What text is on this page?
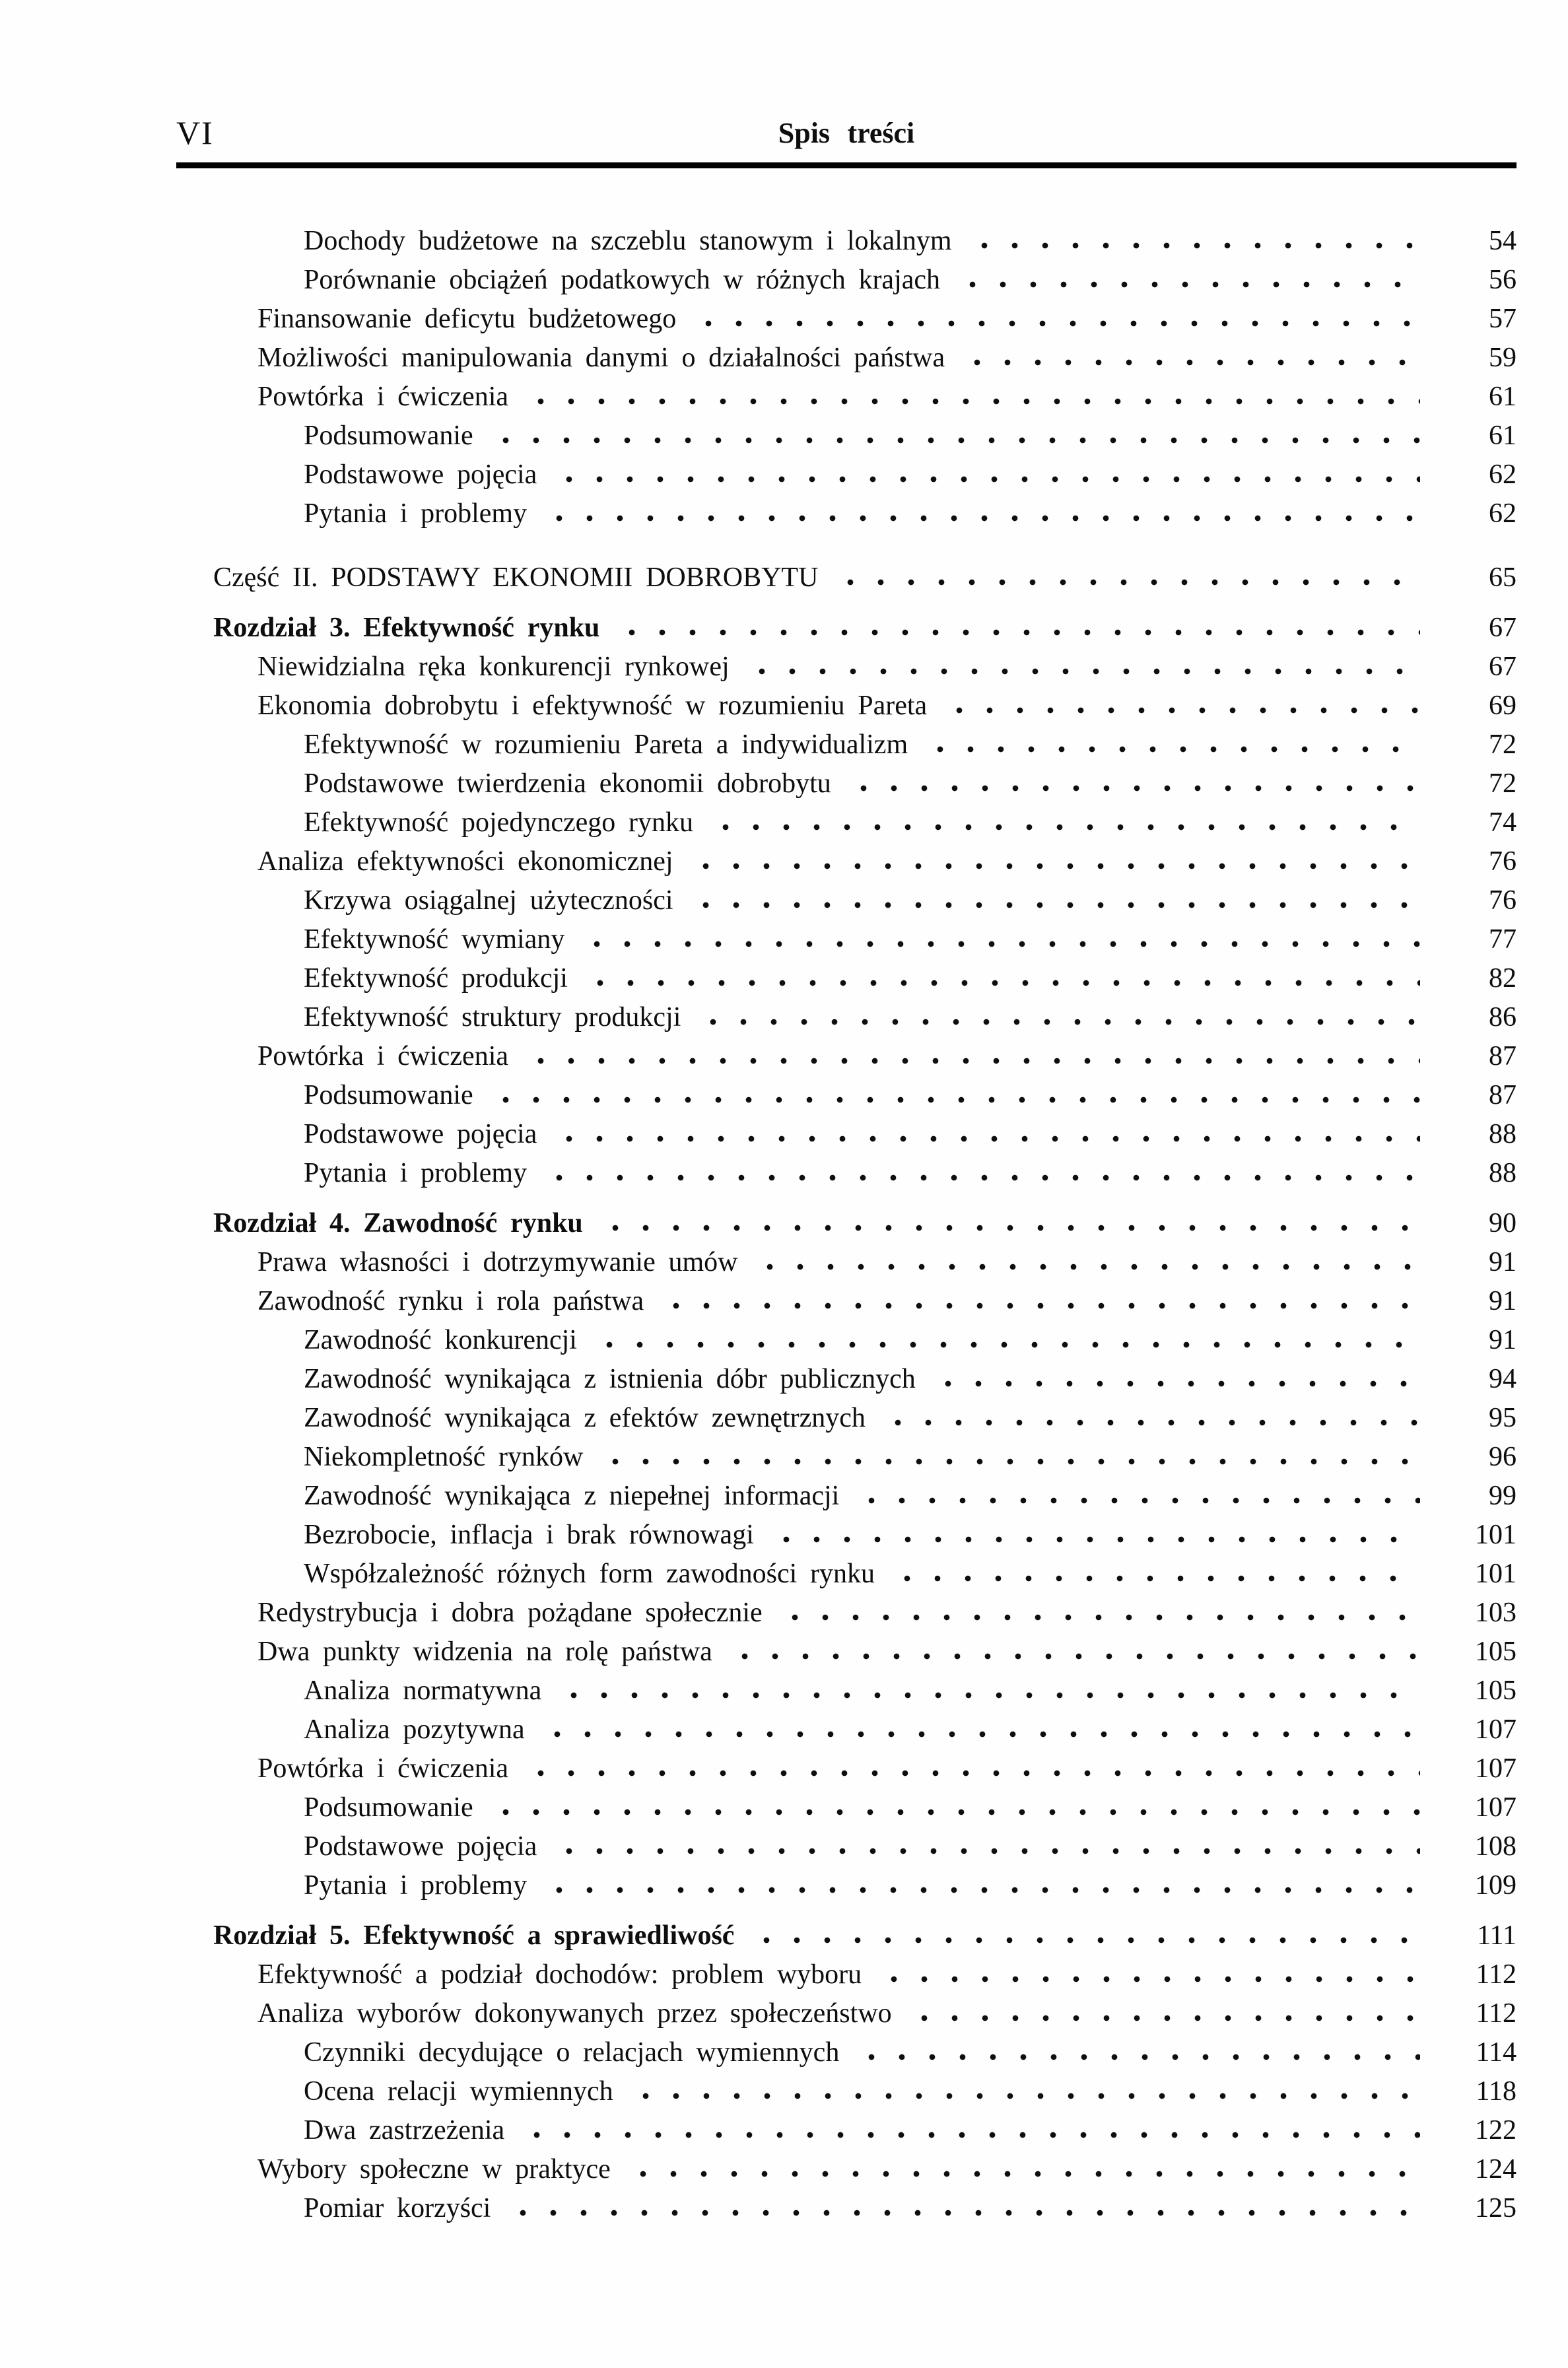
VI	Spis treści
Dochody budżetowe na szczeblu stanowym i lokalnym	54
Porównanie obciążeń podatkowych w różnych krajach	56
Finansowanie deficytu budżetowego	57
Możliwości manipulowania danymi o działalności państwa	59
Powtórka i ćwiczenia	61
Podsumowanie	61
Podstawowe pojęcia	62
Pytania i problemy	62
Część II. PODSTAWY EKONOMII DOBROBYTU	65
Rozdział 3. Efektywność rynku	67
Niewidzialna ręka konkurencji rynkowej	67
Ekonomia dobrobytu i efektywność w rozumieniu Pareta	69
Efektywność w rozumieniu Pareta a indywidualizm	72
Podstawowe twierdzenia ekonomii dobrobytu	72
Efektywność pojedynczego rynku	74
Analiza efektywności ekonomicznej	76
Krzywa osiągalnej użyteczności	76
Efektywność wymiany	77
Efektywność produkcji	82
Efektywność struktury produkcji	86
Powtórka i ćwiczenia	87
Podsumowanie	87
Podstawowe pojęcia	88
Pytania i problemy	88
Rozdział 4. Zawodność rynku	90
Prawa własności i dotrzymywanie umów	91
Zawodność rynku i rola państwa	91
Zawodność konkurencji	91
Zawodność wynikająca z istnienia dóbr publicznych	94
Zawodność wynikająca z efektów zewnętrznych	95
Niekompletność rynków	96
Zawodność wynikająca z niepełnej informacji	99
Bezrobocie, inflacja i brak równowagi	101
Współzależność różnych form zawodności rynku	101
Redystrybucja i dobra pożądane społecznie	103
Dwa punkty widzenia na rolę państwa	105
Analiza normatywna	105
Analiza pozytywna	107
Powtórka i ćwiczenia	107
Podsumowanie	107
Podstawowe pojęcia	108
Pytania i problemy	109
Rozdział 5. Efektywność a sprawiedliwość	111
Efektywność a podział dochodów: problem wyboru	112
Analiza wyborów dokonywanych przez społeczeństwo	112
Czynniki decydujące o relacjach wymiennych	114
Ocena relacji wymiennych	118
Dwa zastrzeżenia	122
Wybory społeczne w praktyce	124
Pomiar korzyści	125
